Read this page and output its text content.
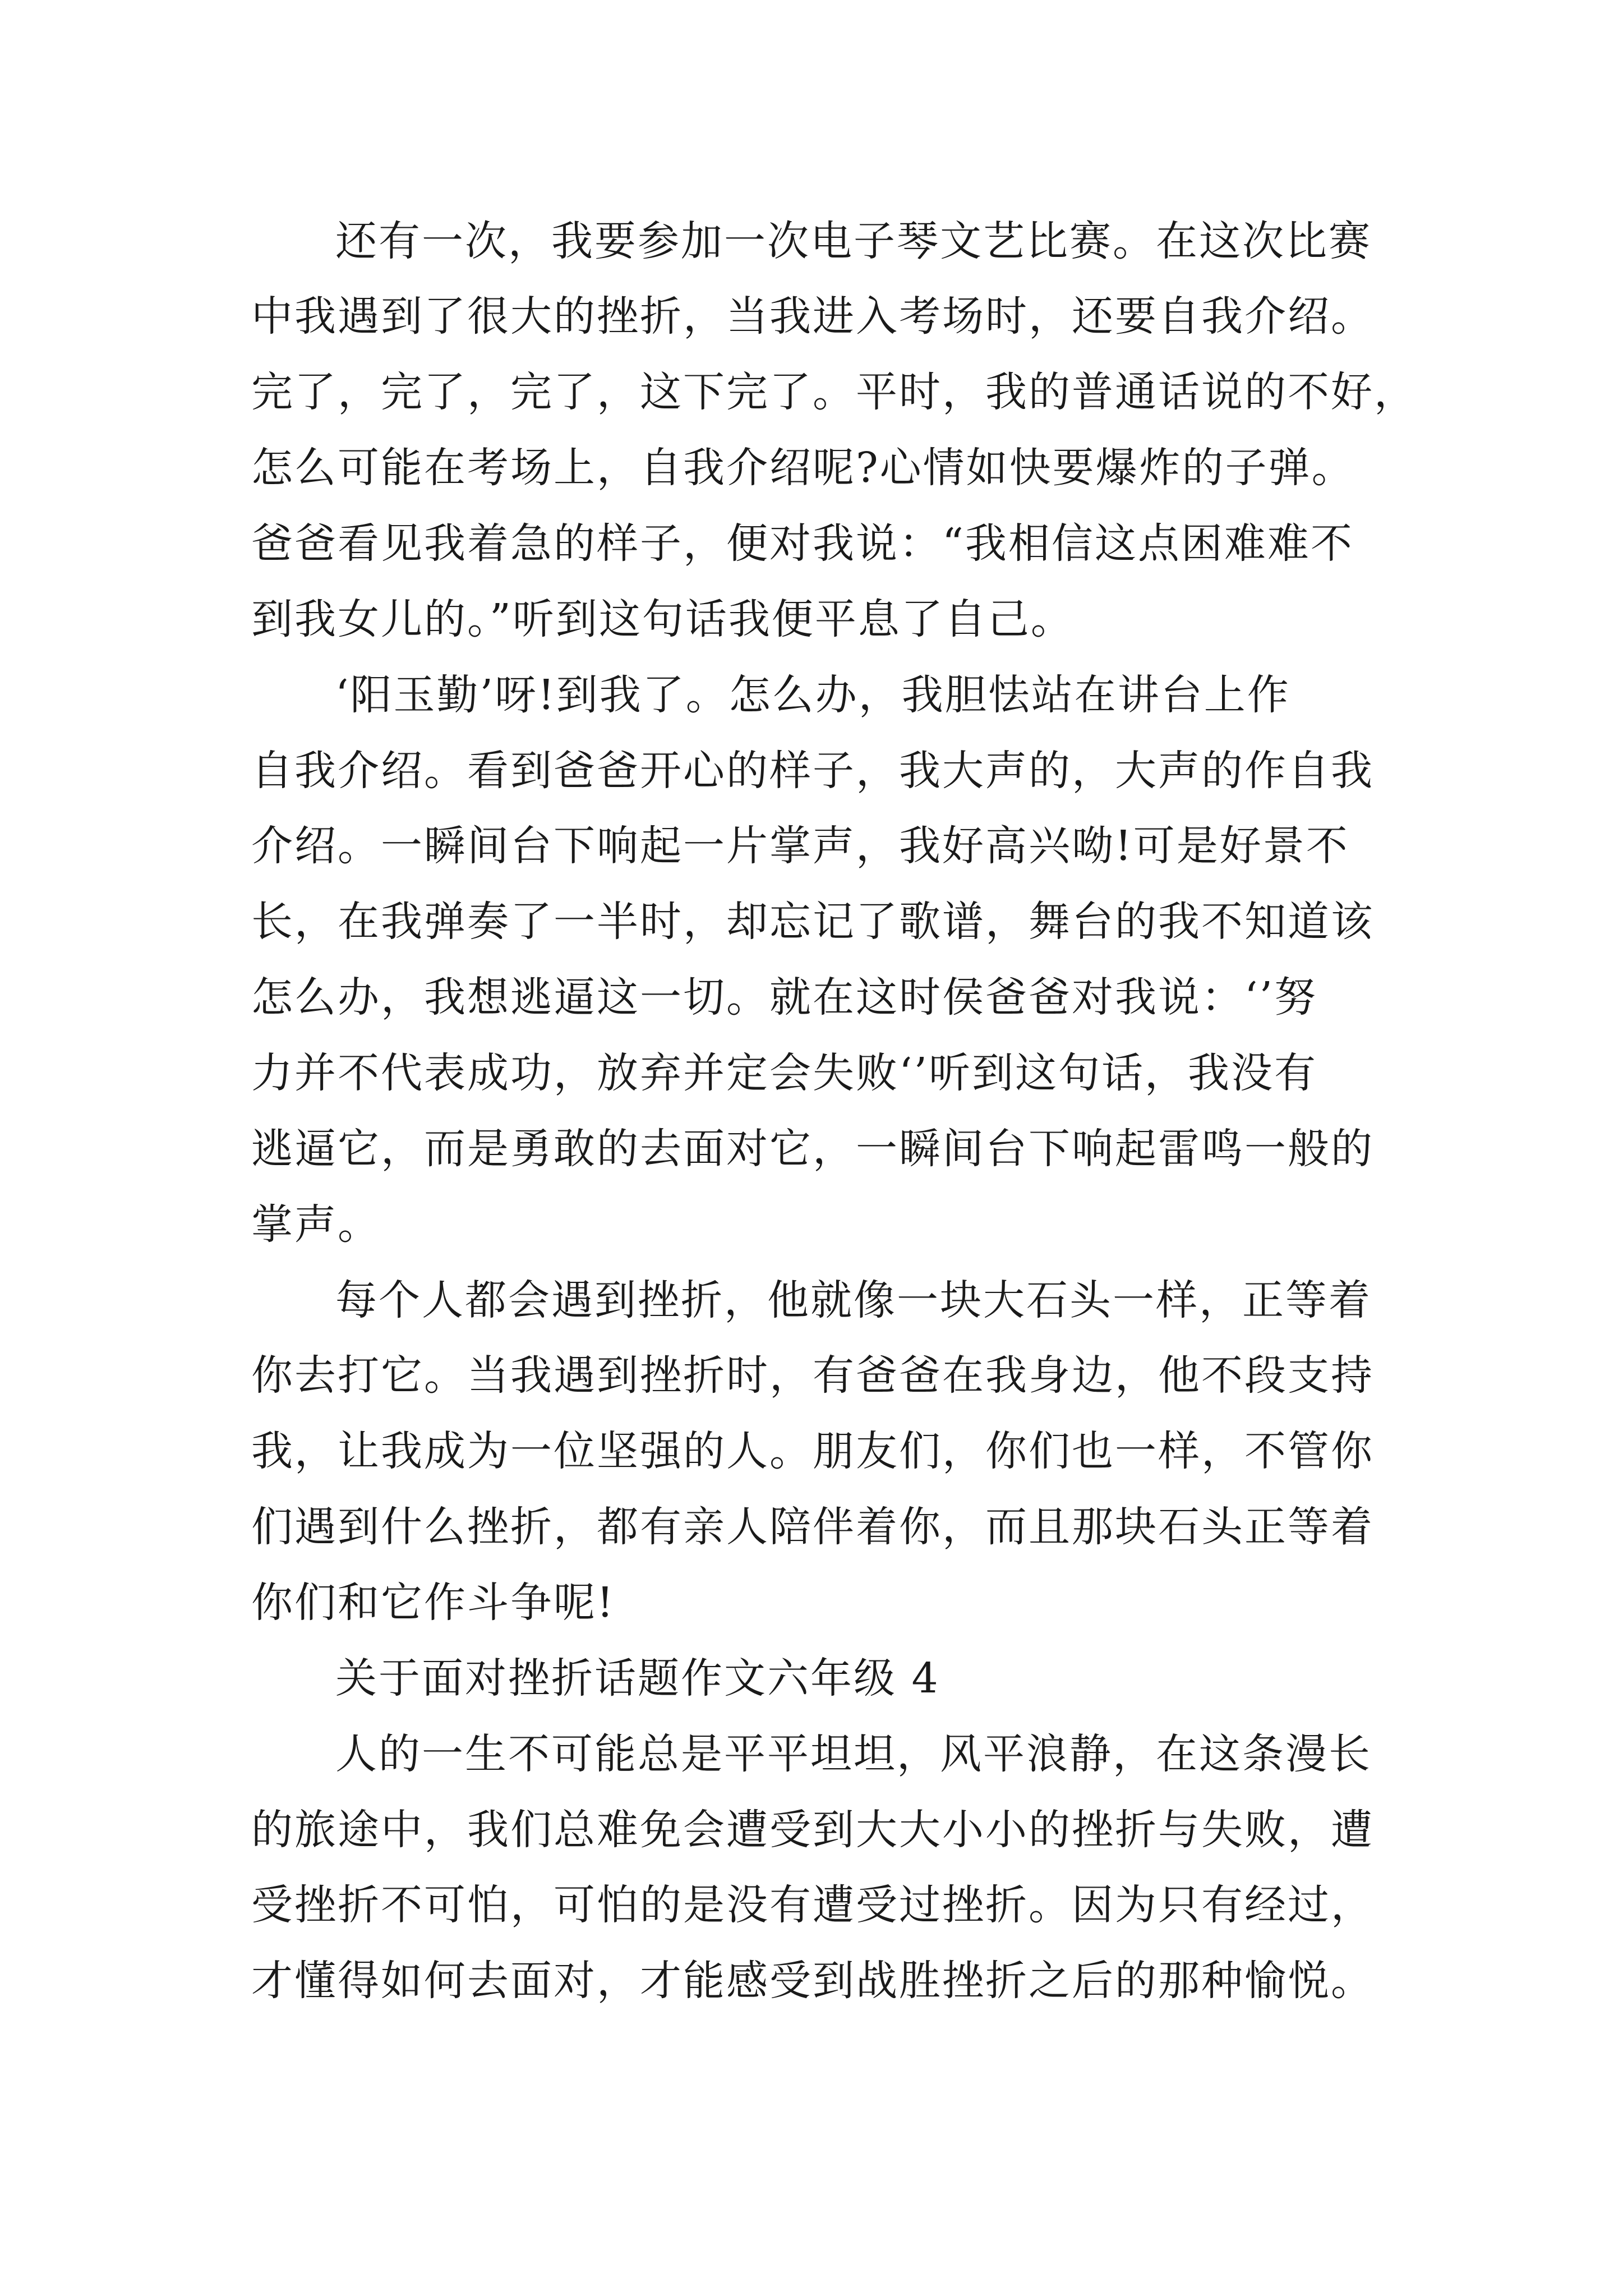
还有一次，我要参加一次电子琴文艺比赛。在这次比赛
中我遇到了很大的挫折，当我进入考场时，还要自我介绍。
完了，完了，完了，这下完了。平时，我的普通话说的不好，
怎么可能在考场上，自我介绍呢?心情如快要爆炸的子弹。
爸爸看见我着急的样子，便对我说：“我相信这点困难难不
到我女儿的。”听到这句话我便平息了自己。
‘阳玉勤’呀!到我了。怎么办，我胆怯站在讲台上作
自我介绍。看到爸爸开心的样子，我大声的，大声的作自我
介绍。一瞬间台下响起一片掌声，我好高兴呦!可是好景不
长，在我弹奏了一半时，却忘记了歌谱，舞台的我不知道该
怎么办，我想逃逼这一切。就在这时侯爸爸对我说：‘’努
力并不代表成功，放弃并定会失败‘’听到这句话，我没有
逃逼它，而是勇敢的去面对它，一瞬间台下响起雷鸣一般的
掌声。
每个人都会遇到挫折，他就像一块大石头一样，正等着
你去打它。当我遇到挫折时，有爸爸在我身边，他不段支持
我，让我成为一位坚强的人。朋友们，你们也一样，不管你
们遇到什么挫折，都有亲人陪伴着你，而且那块石头正等着
你们和它作斗争呢!
关于面对挫折话题作文六年级 4
人的一生不可能总是平平坦坦，风平浪静，在这条漫长
的旅途中，我们总难免会遭受到大大小小的挫折与失败，遭
受挫折不可怕，可怕的是没有遭受过挫折。因为只有经过，
才懂得如何去面对，才能感受到战胜挫折之后的那种愉悦。
